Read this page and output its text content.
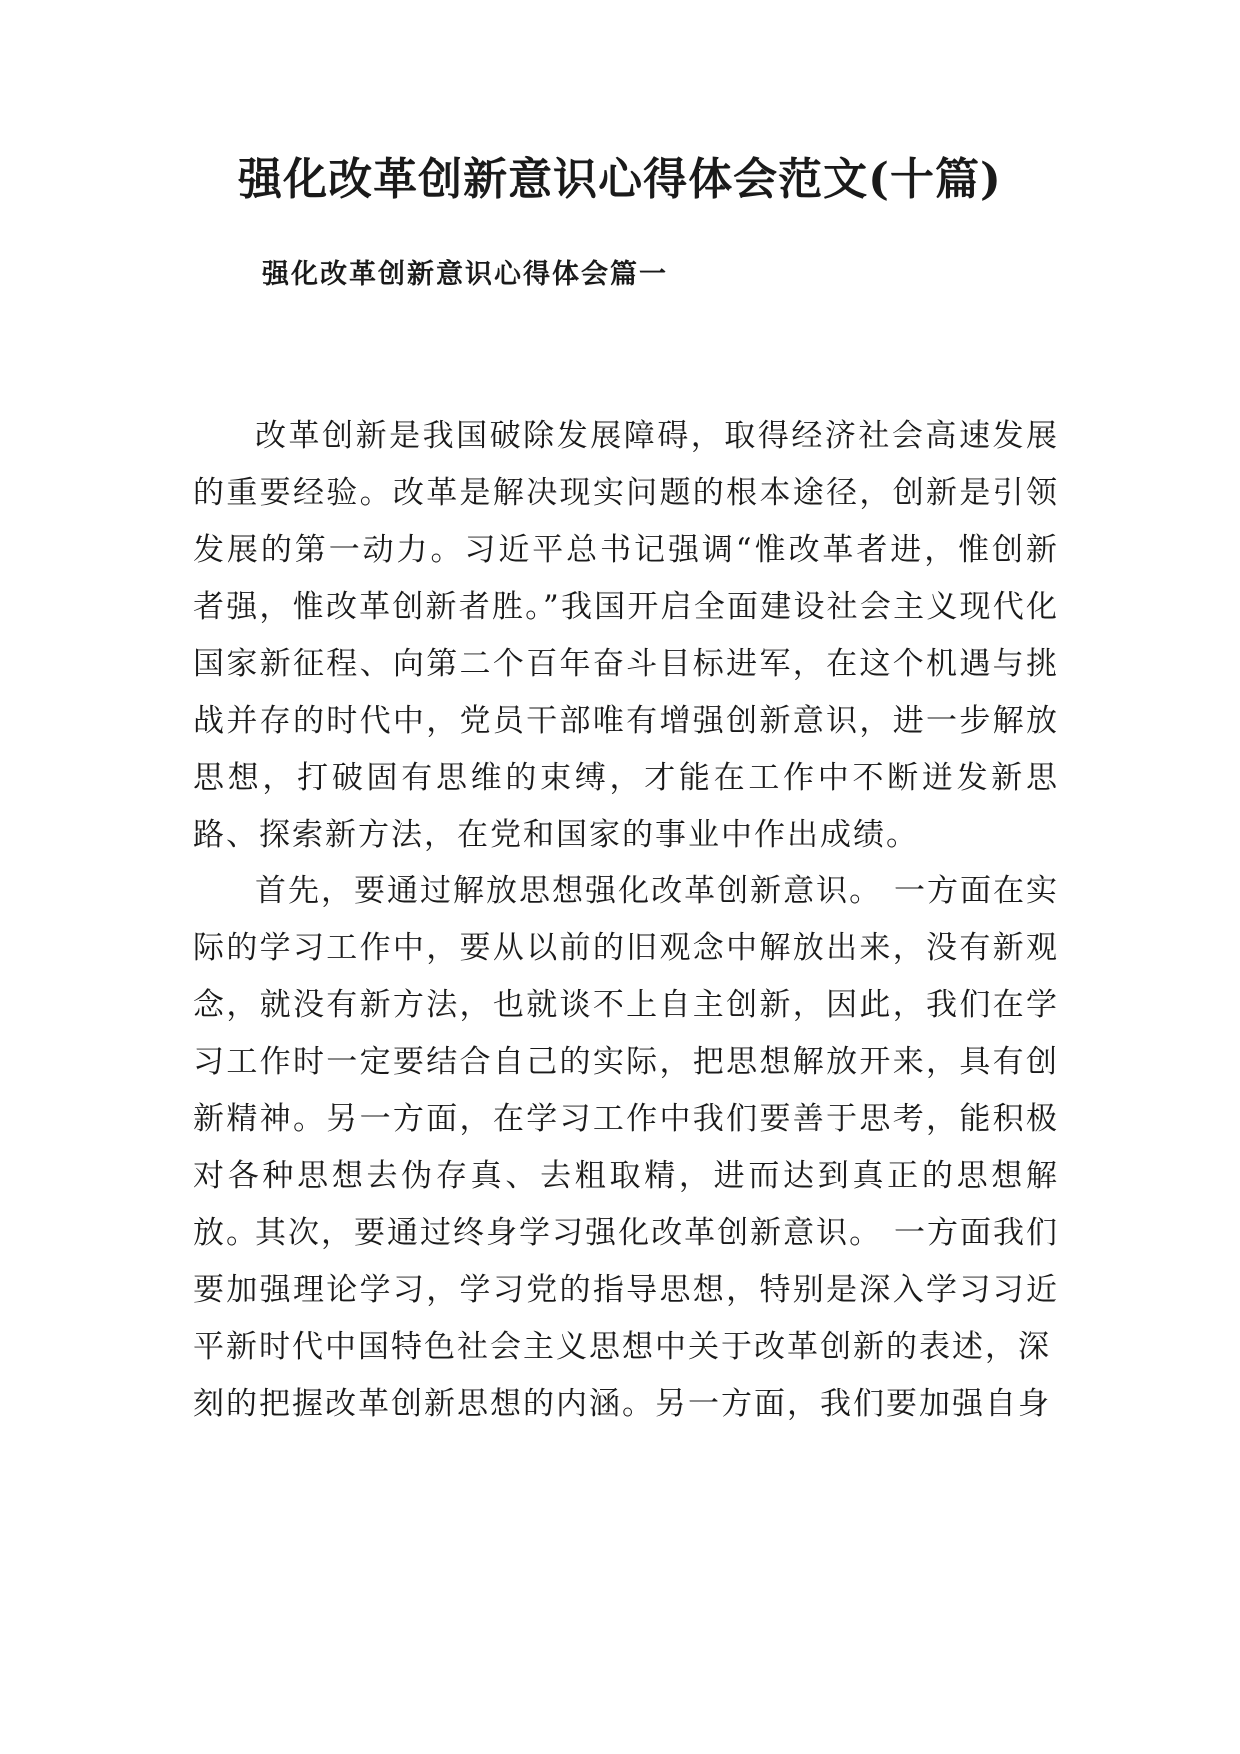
强化改革创新意识心得体会范文(十篇)
强化改革创新意识心得体会篇一

改革创新是我国破除发展障碍，取得经济社会高速发展的重要经验。改革是解决现实问题的根本途径，创新是引领发展的第一动力。习近平总书记强调“惟改革者进，惟创新者强，惟改革创新者胜。”我国开启全面建设社会主义现代化国家新征程、向第二个百年奋斗目标进军，在这个机遇与挑战并存的时代中，党员干部唯有增强创新意识，进一步解放思想，打破固有思维的束缚，才能在工作中不断迸发新思路、探索新方法，在党和国家的事业中作出成绩。

首先，要通过解放思想强化改革创新意识。 一方面在实际的学习工作中，要从以前的旧观念中解放出来，没有新观念，就没有新方法，也就谈不上自主创新，因此，我们在学习工作时一定要结合自己的实际，把思想解放开来，具有创新精神。另一方面，在学习工作中我们要善于思考，能积极对各种思想去伪存真、去粗取精，进而达到真正的思想解放。

其次，要通过终身学习强化改革创新意识。 一方面我们 要加强理论学习，学习党的指导思想，特别是深入学习习近 平新时代中国特色社会主义思想中关于改革创新的表述，深

刻的把握改革创新思想的内涵。另一方面，我们要加强自身
